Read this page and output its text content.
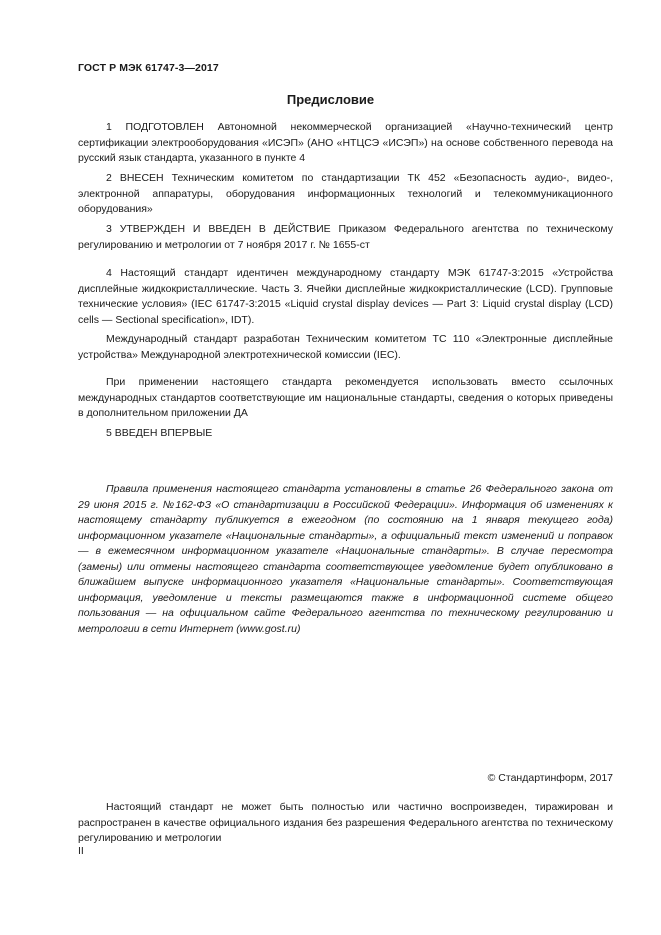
ГОСТ Р МЭК 61747-3—2017
Предисловие
1 ПОДГОТОВЛЕН Автономной некоммерческой организацией «Научно-технический центр сертификации электрооборудования «ИСЭП» (АНО «НТЦСЭ «ИСЭП») на основе собственного перевода на русский язык стандарта, указанного в пункте 4
2 ВНЕСЕН Техническим комитетом по стандартизации ТК 452 «Безопасность аудио-, видео-, электронной аппаратуры, оборудования информационных технологий и телекоммуникационного оборудования»
3 УТВЕРЖДЕН И ВВЕДЕН В ДЕЙСТВИЕ Приказом Федерального агентства по техническому регулированию и метрологии от 7 ноября 2017 г. № 1655-ст
4 Настоящий стандарт идентичен международному стандарту МЭК 61747-3:2015 «Устройства дисплейные жидкокристаллические. Часть 3. Ячейки дисплейные жидкокристаллические (LCD). Групповые технические условия» (IEC 61747-3:2015 «Liquid crystal display devices — Part 3: Liquid crystal display (LCD) cells — Sectional specification», IDT).
Международный стандарт разработан Техническим комитетом ТС 110 «Электронные дисплейные устройства» Международной электротехнической комиссии (IEC).
При применении настоящего стандарта рекомендуется использовать вместо ссылочных международных стандартов соответствующие им национальные стандарты, сведения о которых приведены в дополнительном приложении ДА
5 ВВЕДЕН ВПЕРВЫЕ
Правила применения настоящего стандарта установлены в статье 26 Федерального закона от 29 июня 2015 г. №162-ФЗ «О стандартизации в Российской Федерации». Информация об изменениях к настоящему стандарту публикуется в ежегодном (по состоянию на 1 января текущего года) информационном указателе «Национальные стандарты», а официальный текст изменений и поправок — в ежемесячном информационном указателе «Национальные стандарты». В случае пересмотра (замены) или отмены настоящего стандарта соответствующее уведомление будет опубликовано в ближайшем выпуске информационного указателя «Национальные стандарты». Соответствующая информация, уведомление и тексты размещаются также в информационной системе общего пользования — на официальном сайте Федерального агентства по техническому регулированию и метрологии в сети Интернет (www.gost.ru)
© Стандартинформ, 2017
Настоящий стандарт не может быть полностью или частично воспроизведен, тиражирован и распространен в качестве официального издания без разрешения Федерального агентства по техническому регулированию и метрологии
II
